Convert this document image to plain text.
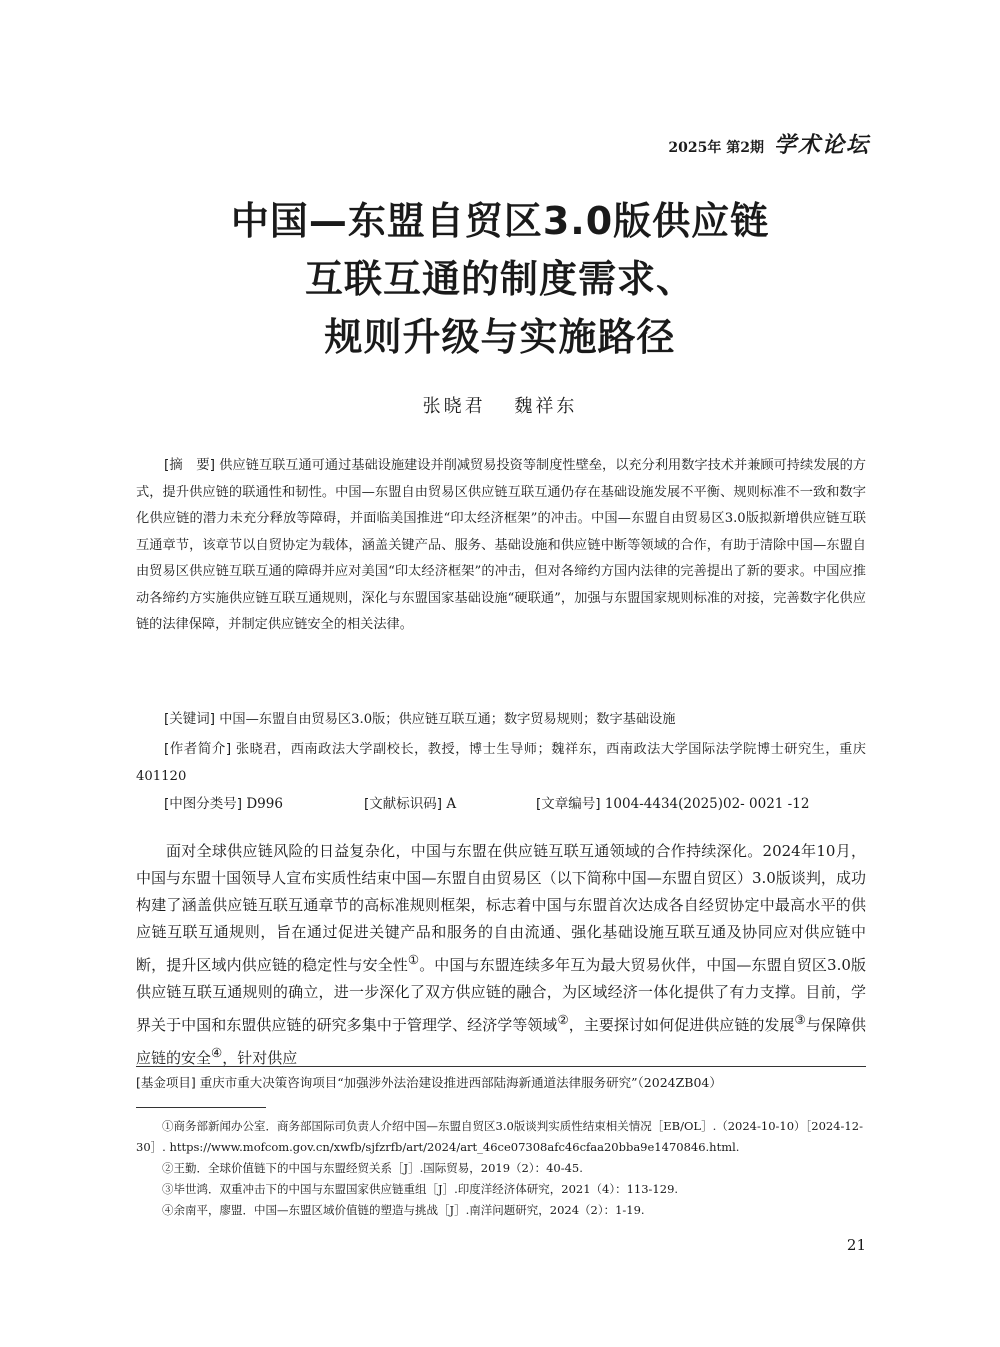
2025年 第2期 学术论坛
中国—东盟自贸区3.0版供应链
互联互通的制度需求、
规则升级与实施路径
张晓君 魏祥东
[摘　要] 供应链互联互通可通过基础设施建设并削减贸易投资等制度性壁垒，以充分利用数字技术并兼顾可持续发展的方式，提升供应链的联通性和韧性。中国—东盟自由贸易区供应链互联互通仍存在基础设施发展不平衡、规则标准不一致和数字化供应链的潜力未充分释放等障碍，并面临美国推进“印太经济框架”的冲击。中国—东盟自由贸易区3.0版拟新增供应链互联互通章节，该章节以自贸协定为载体，涵盖关键产品、服务、基础设施和供应链中断等领域的合作，有助于清除中国—东盟自由贸易区供应链互联互通的障碍并应对美国“印太经济框架”的冲击，但对各缔约方国内法律的完善提出了新的要求。中国应推动各缔约方实施供应链互联互通规则，深化与东盟国家基础设施“硬联通”，加强与东盟国家规则标准的对接，完善数字化供应链的法律保障，并制定供应链安全的相关法律。
[关键词] 中国—东盟自由贸易区3.0版；供应链互联互通；数字贸易规则；数字基础设施
[作者简介] 张晓君，西南政法大学副校长，教授，博士生导师；魏祥东，西南政法大学国际法学院博士研究生，重庆　401120
[中图分类号] D996	[文献标识码] A	[文章编号] 1004-4434(2025)02- 0021 -12
面对全球供应链风险的日益复杂化，中国与东盟在供应链互联互通领域的合作持续深化。2024年10月，中国与东盟十国领导人宣布实质性结束中国—东盟自由贸易区（以下简称中国—东盟自贸区）3.0版谈判，成功构建了涵盖供应链互联互通章节的高标准规则框架，标志着中国与东盟首次达成各自经贸协定中最高水平的供应链互联互通规则，旨在通过促进关键产品和服务的自由流通、强化基础设施互联互通及协同应对供应链中断，提升区域内供应链的稳定性与安全性①。中国与东盟连续多年互为最大贸易伙伴，中国—东盟自贸区3.0版供应链互联互通规则的确立，进一步深化了双方供应链的融合，为区域经济一体化提供了有力支撑。目前，学界关于中国和东盟供应链的研究多集中于管理学、经济学等领域②，主要探讨如何促进供应链的发展③与保障供应链的安全④，针对供应
[基金项目] 重庆市重大决策咨询项目“加强涉外法治建设推进西部陆海新通道法律服务研究”（2024ZB04）
①商务部新闻办公室．商务部国际司负责人介绍中国—东盟自贸区3.0版谈判实质性结束相关情况［EB/OL］.（2024-10-10）［2024-12-30］. https://www.mofcom.gov.cn/xwfb/sjfzrfb/art/2024/art_46ce07308afc46cfaa20bba9e1470846.html.
②王勤．全球价值链下的中国与东盟经贸关系［J］.国际贸易，2019（2）：40-45.
③毕世鸿．双重冲击下的中国与东盟国家供应链重组［J］.印度洋经济体研究，2021（4）：113-129.
④余南平，廖盟．中国—东盟区域价值链的塑造与挑战［J］.南洋问题研究，2024（2）：1-19.
21
